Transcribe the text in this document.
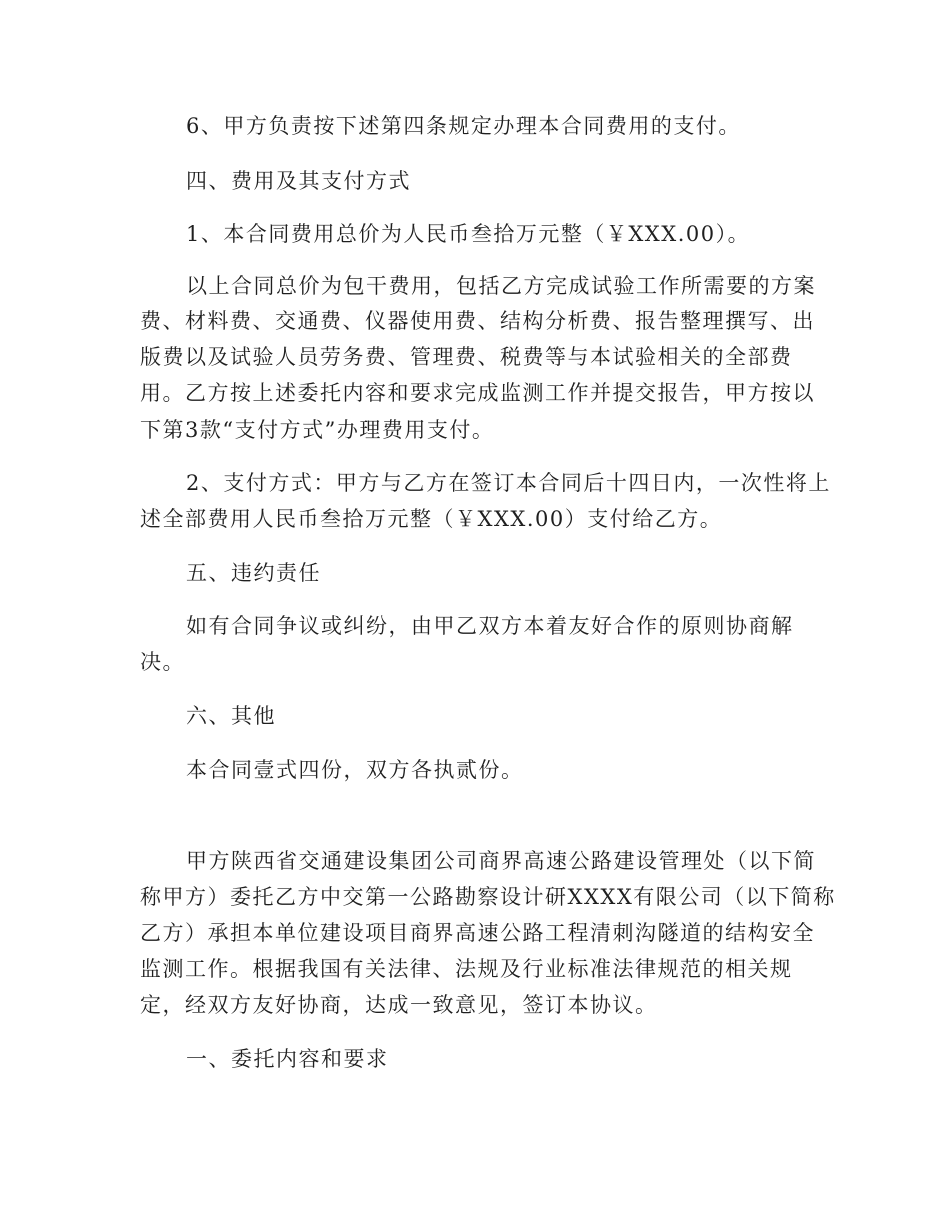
6、甲方负责按下述第四条规定办理本合同费用的支付。
四、费用及其支付方式
1、本合同费用总价为人民币叁拾万元整（￥XXX.00）。
以上合同总价为包干费用，包括乙方完成试验工作所需要的方案
费、材料费、交通费、仪器使用费、结构分析费、报告整理撰写、出
版费以及试验人员劳务费、管理费、税费等与本试验相关的全部费
用。乙方按上述委托内容和要求完成监测工作并提交报告，甲方按以
下第3款“支付方式”办理费用支付。
2、支付方式：甲方与乙方在签订本合同后十四日内，一次性将上
述全部费用人民币叁拾万元整（￥XXX.00）支付给乙方。
五、违约责任
如有合同争议或纠纷，由甲乙双方本着友好合作的原则协商解
决。
六、其他
本合同壹式四份，双方各执贰份。
甲方陕西省交通建设集团公司商界高速公路建设管理处（以下简
称甲方）委托乙方中交第一公路勘察设计研XXXX有限公司（以下简称
乙方）承担本单位建设项目商界高速公路工程清刺沟隧道的结构安全
监测工作。根据我国有关法律、法规及行业标准法律规范的相关规
定，经双方友好协商，达成一致意见，签订本协议。
一、委托内容和要求
